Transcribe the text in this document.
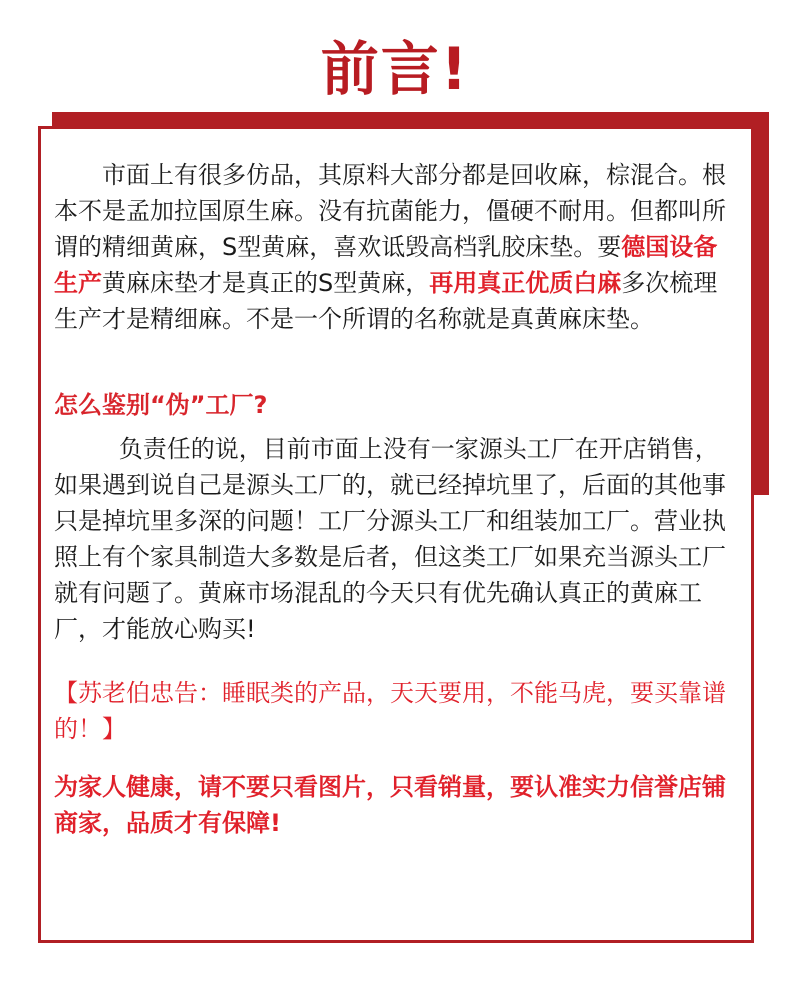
前言!

市面上有很多仿品，其原料大部分都是回收麻，棕混合。根本不是孟加拉国原生麻。没有抗菌能力，僵硬不耐用。但都叫所谓的精细黄麻，S型黄麻，喜欢诋毁高档乳胶床垫。要德国设备生产黄麻床垫才是真正的S型黄麻，再用真正优质白麻多次梳理生产才是精细麻。不是一个所谓的名称就是真黄麻床垫。

怎么鉴别“伪”工厂?

负责任的说，目前市面上没有一家源头工厂在开店销售，如果遇到说自己是源头工厂的，就已经掉坑里了，后面的其他事只是掉坑里多深的问题！工厂分源头工厂和组装加工厂。营业执照上有个家具制造大多数是后者，但这类工厂如果充当源头工厂就有问题了。黄麻市场混乱的今天只有优先确认真正的黄麻工厂，才能放心购买!

【苏老伯忠告：睡眠类的产品，天天要用，不能马虎，要买靠谱的！】
为家人健康，请不要只看图片，只看销量，要认准实力信誉店铺商家，品质才有保障!
